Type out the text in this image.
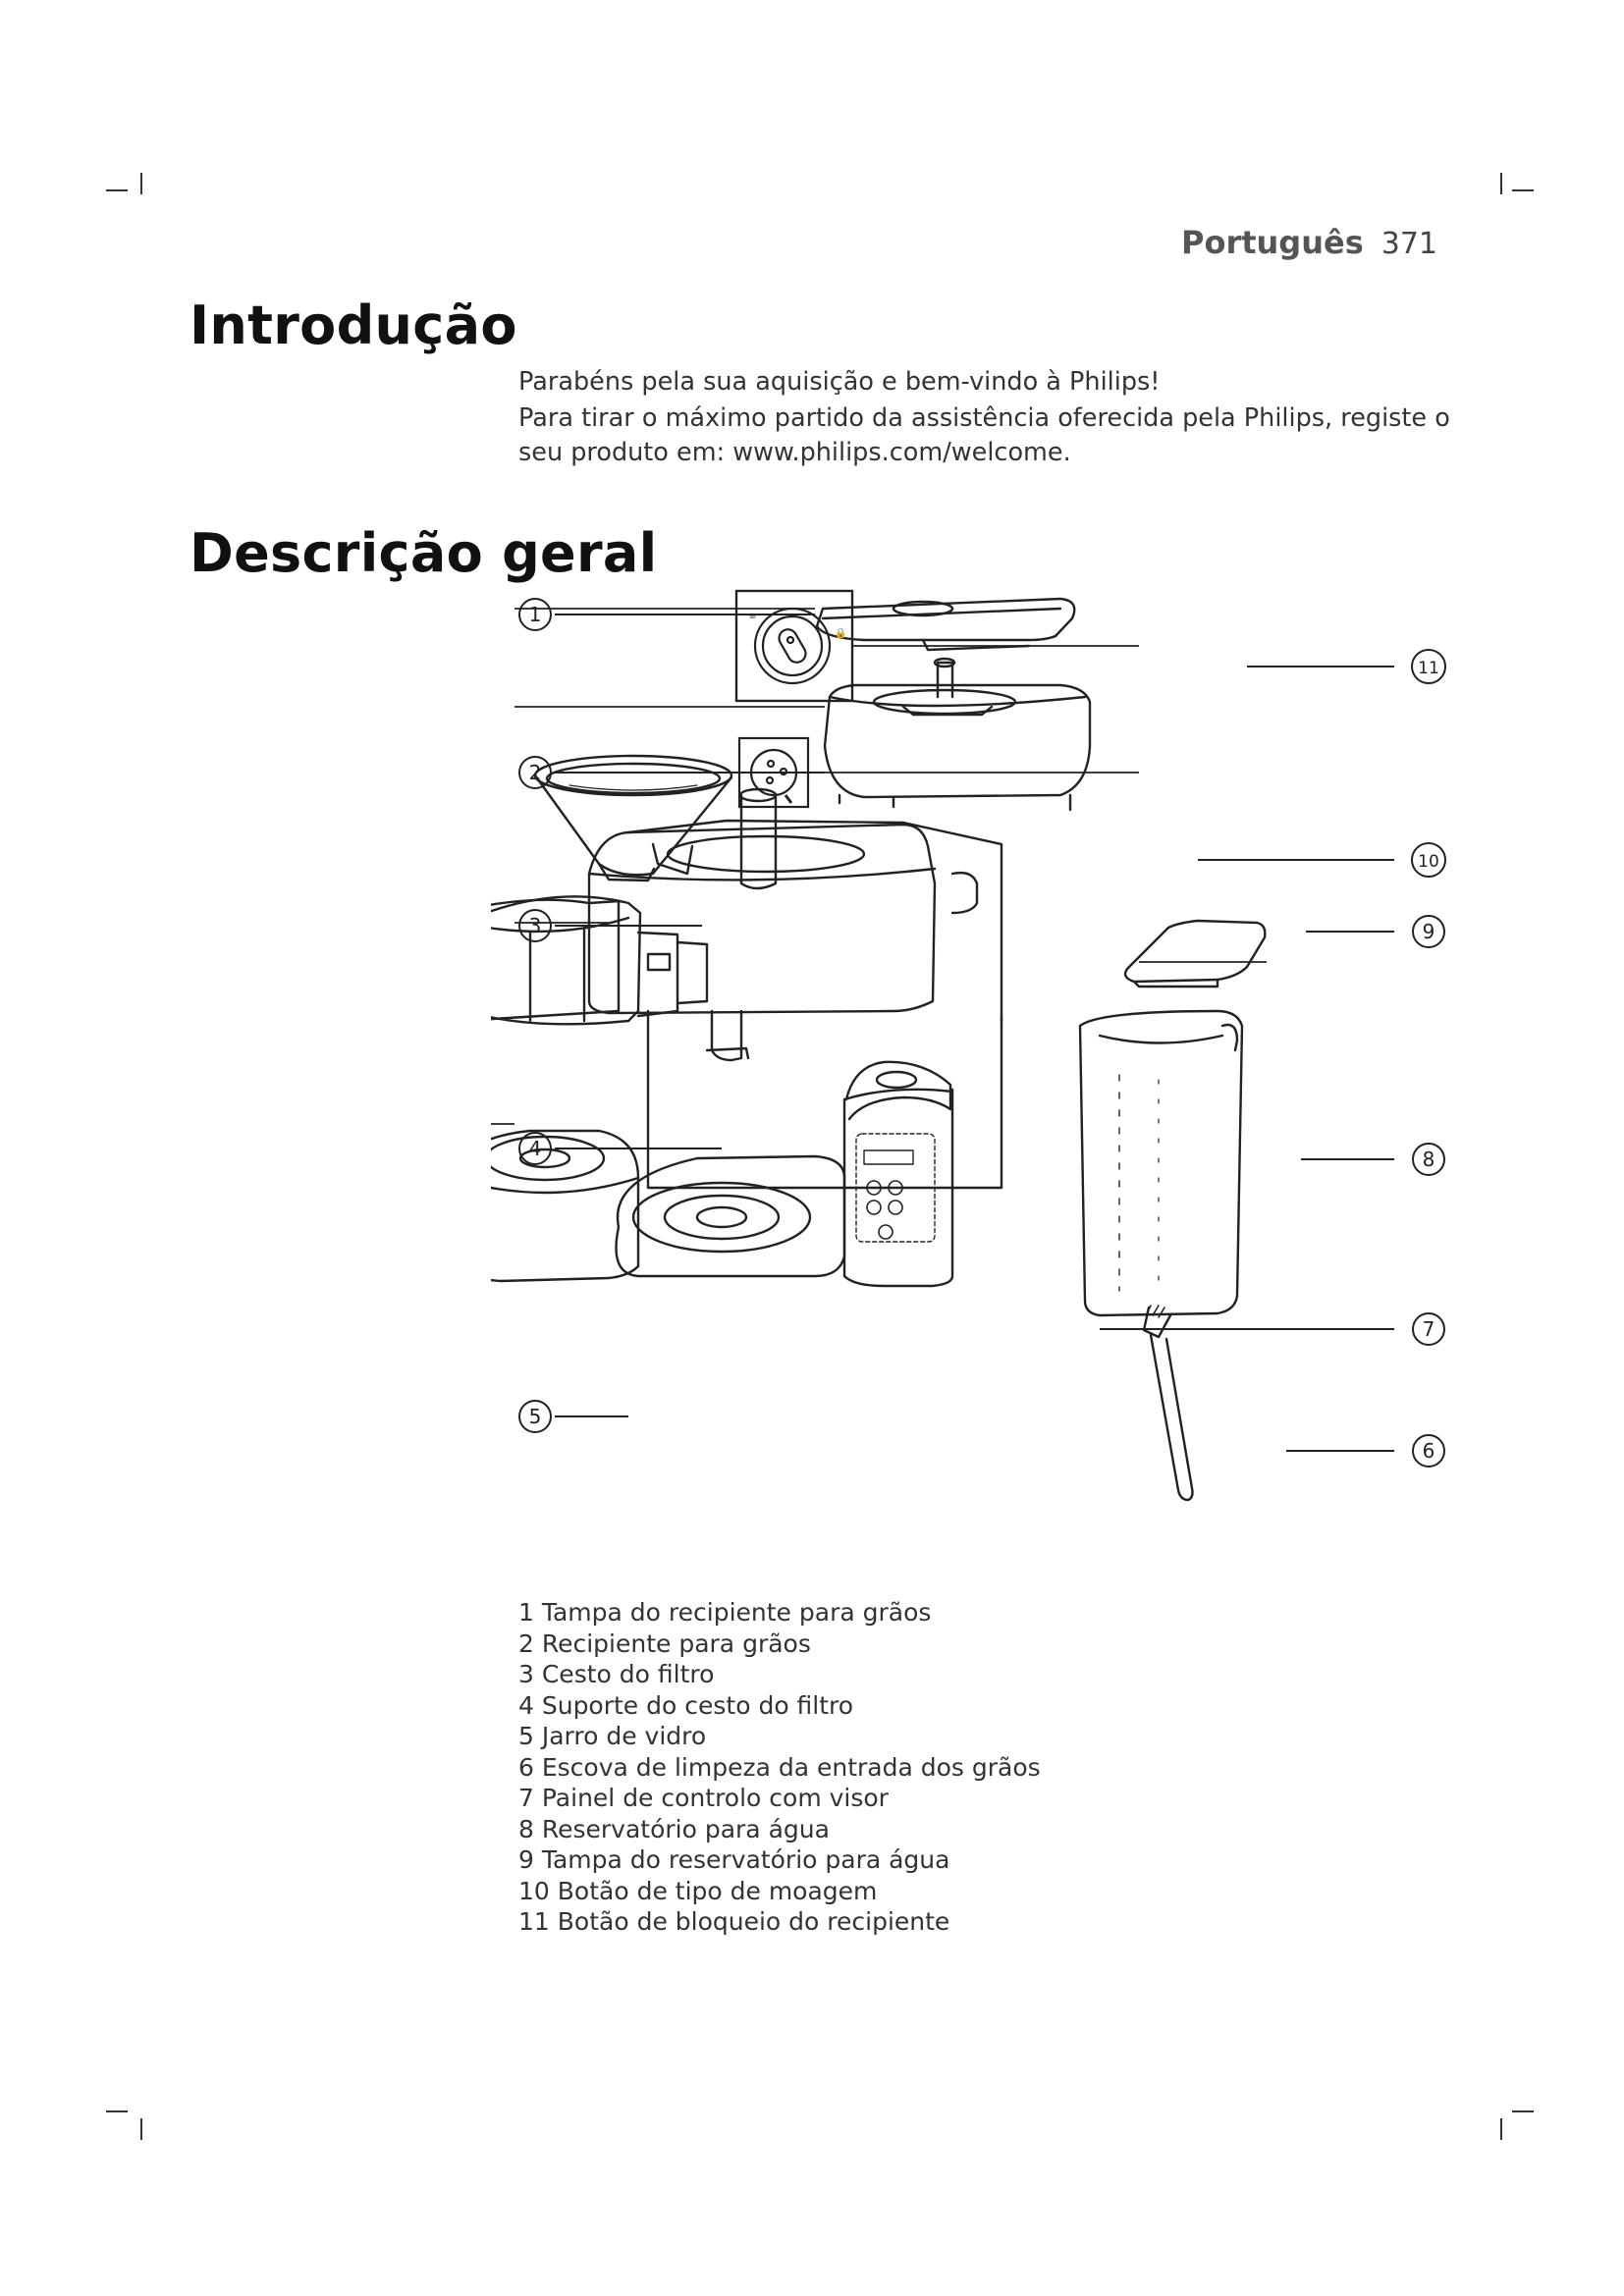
Português 371
Introdução

Parabéns pela sua aquisição e bem-vindo à Philips!

Para tirar o máximo partido da assistência oferecida pela Philips, registe o seu produto em: www.philips.com/welcome.

Descrição geral
☕
🔒
1
2
3
4
5
6
7
8
9
10
11
1 Tampa do recipiente para grãos
2 Recipiente para grãos
3 Cesto do filtro
4 Suporte do cesto do filtro
5 Jarro de vidro
6 Escova de limpeza da entrada dos grãos
7 Painel de controlo com visor
8 Reservatório para água
9 Tampa do reservatório para água
10 Botão de tipo de moagem
11 Botão de bloqueio do recipiente
